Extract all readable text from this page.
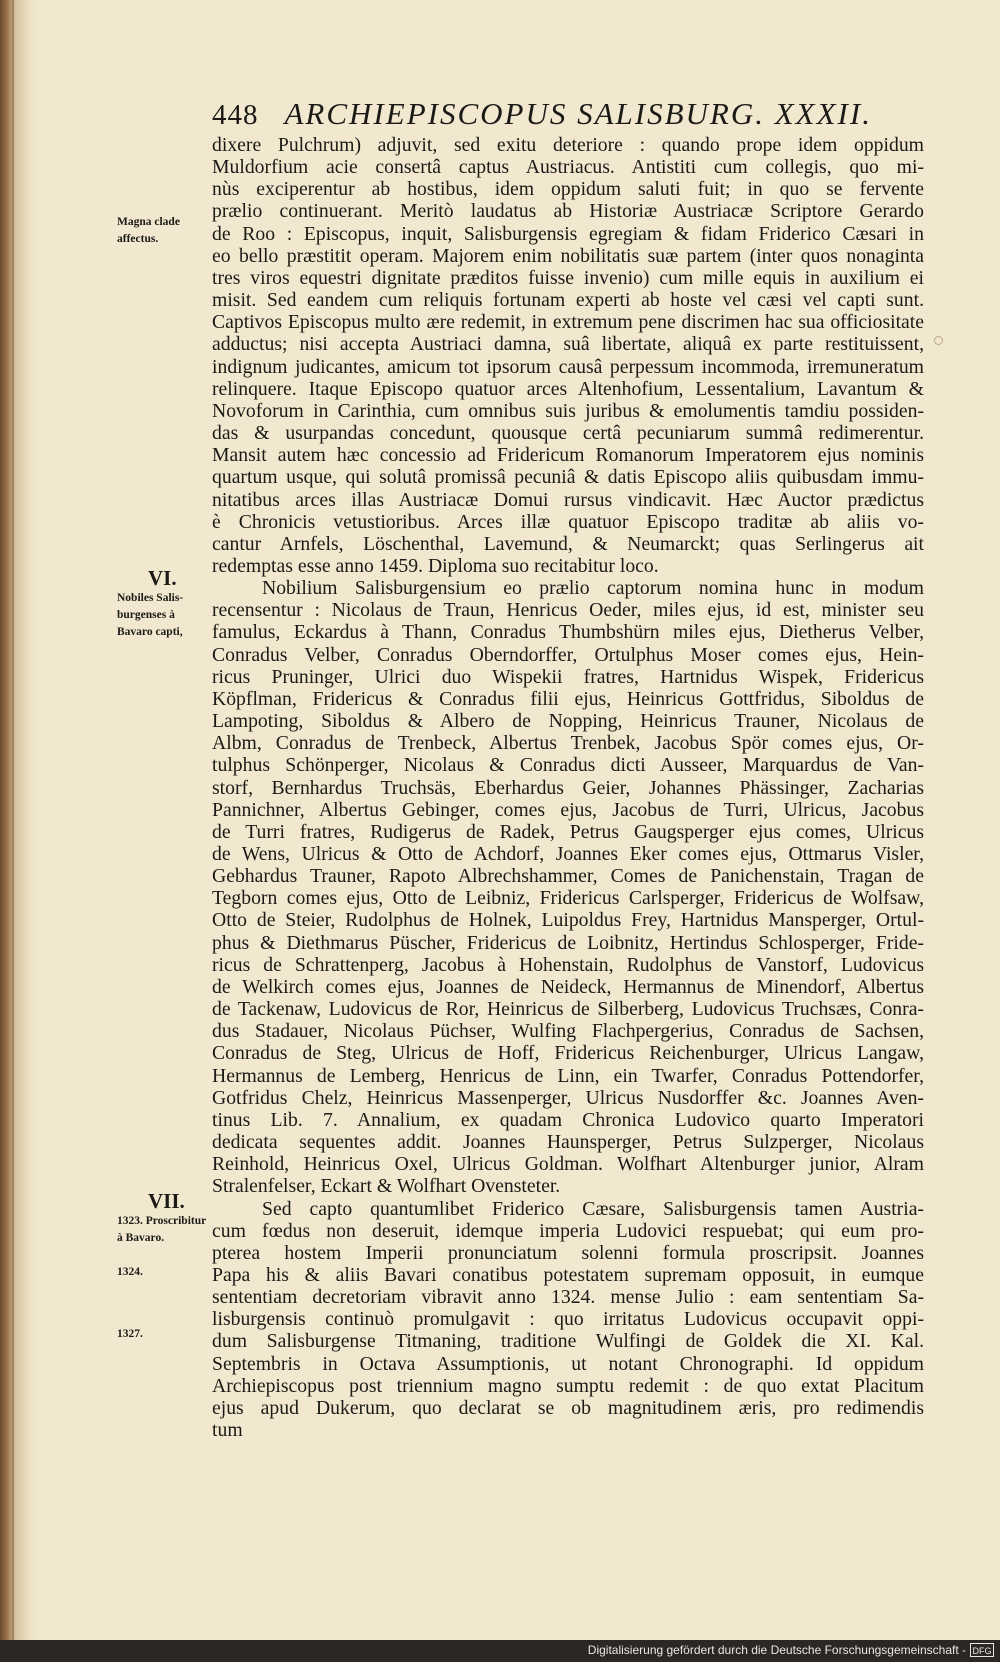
448 ARCHIEPISCOPUS SALISBURG. XXXII.
dixere Pulchrum) adjuvit, sed exitu deteriore : quando prope idem oppidum
Muldorfium acie consertâ captus Austriacus. Antistiti cum collegis, quo mi-
nùs exciperentur ab hostibus, idem oppidum saluti fuit; in quo se fervente
prælio continuerant. Meritò laudatus ab Historiæ Austriacæ Scriptore Gerardo
de Roo : Episcopus, inquit, Salisburgensis egregiam & fidam Friderico Cæsari in
eo bello præstitit operam. Majorem enim nobilitatis suæ partem (inter quos nonaginta
tres viros equestri dignitate præditos fuisse invenio) cum mille equis in auxilium ei
misit. Sed eandem cum reliquis fortunam experti ab hoste vel cæsi vel capti sunt.
Captivos Episcopus multo ære redemit, in extremum pene discrimen hac sua officiositate
adductus; nisi accepta Austriaci damna, suâ libertate, aliquâ ex parte restituissent,
indignum judicantes, amicum tot ipsorum causâ perpessum incommoda, irremuneratum
relinquere. Itaque Episcopo quatuor arces Altenhofium, Lessentalium, Lavantum &
Novoforum in Carinthia, cum omnibus suis juribus & emolumentis tamdiu possiden-
das & usurpandas concedunt, quousque certâ pecuniarum summâ redimerentur.
Mansit autem hæc concessio ad Fridericum Romanorum Imperatorem ejus nominis
quartum usque, qui solutâ promissâ pecuniâ & datis Episcopo aliis quibusdam immu-
nitatibus arces illas Austriacæ Domui rursus vindicavit. Hæc Auctor prædictus
è Chronicis vetustioribus. Arces illæ quatuor Episcopo traditæ ab aliis vo-
cantur Arnfels, Löschenthal, Lavemund, & Neumarckt; quas Serlingerus ait
redemptas esse anno 1459. Diploma suo recitabitur loco.
Nobilium Salisburgensium eo prælio captorum nomina hunc in modum
recensentur : Nicolaus de Traun, Henricus Oeder, miles ejus, id est, minister seu
famulus, Eckardus à Thann, Conradus Thumbshürn miles ejus, Dietherus Velber,
Conradus Velber, Conradus Oberndorffer, Ortulphus Moser comes ejus, Hein-
ricus Pruninger, Ulrici duo Wispekii fratres, Hartnidus Wispek, Fridericus
Köpflman, Fridericus & Conradus filii ejus, Heinricus Gottfridus, Siboldus de
Lampoting, Siboldus & Albero de Nopping, Heinricus Trauner, Nicolaus de
Albm, Conradus de Trenbeck, Albertus Trenbek, Jacobus Spör comes ejus, Or-
tulphus Schönperger, Nicolaus & Conradus dicti Ausseer, Marquardus de Van-
storf, Bernhardus Truchsäs, Eberhardus Geier, Johannes Phässinger, Zacharias
Pannichner, Albertus Gebinger, comes ejus, Jacobus de Turri, Ulricus, Jacobus
de Turri fratres, Rudigerus de Radek, Petrus Gaugsperger ejus comes, Ulricus
de Wens, Ulricus & Otto de Achdorf, Joannes Eker comes ejus, Ottmarus Visler,
Gebhardus Trauner, Rapoto Albrechshammer, Comes de Panichenstain, Tragan de
Tegborn comes ejus, Otto de Leibniz, Fridericus Carlsperger, Fridericus de Wolfsaw,
Otto de Steier, Rudolphus de Holnek, Luipoldus Frey, Hartnidus Mansperger, Ortul-
phus & Diethmarus Püscher, Fridericus de Loibnitz, Hertindus Schlosperger, Fride-
ricus de Schrattenperg, Jacobus à Hohenstain, Rudolphus de Vanstorf, Ludovicus
de Welkirch comes ejus, Joannes de Neideck, Hermannus de Minendorf, Albertus
de Tackenaw, Ludovicus de Ror, Heinricus de Silberberg, Ludovicus Truchsæs, Conra-
dus Stadauer, Nicolaus Püchser, Wulfing Flachpergerius, Conradus de Sachsen,
Conradus de Steg, Ulricus de Hoff, Fridericus Reichenburger, Ulricus Langaw,
Hermannus de Lemberg, Henricus de Linn, ein Twarfer, Conradus Pottendorfer,
Gotfridus Chelz, Heinricus Massenperger, Ulricus Nusdorffer &c. Joannes Aven-
tinus Lib. 7. Annalium, ex quadam Chronica Ludovico quarto Imperatori
dedicata sequentes addit. Joannes Haunsperger, Petrus Sulzperger, Nicolaus
Reinhold, Heinricus Oxel, Ulricus Goldman. Wolfhart Altenburger junior, Alram
Stralenfelser, Eckart & Wolfhart Ovensteter.
Sed capto quantumlibet Friderico Cæsare, Salisburgensis tamen Austria-
cum fœdus non deseruit, idemque imperia Ludovici respuebat; qui eum pro-
pterea hostem Imperii pronunciatum solenni formula proscripsit. Joannes
Papa his & aliis Bavari conatibus potestatem supremam opposuit, in eumque
sententiam decretoriam vibravit anno 1324. mense Julio : eam sententiam Sa-
lisburgensis continuò promulgavit : quo irritatus Ludovicus occupavit oppi-
dum Salisburgense Titmaning, traditione Wulfingi de Goldek die XI. Kal.
Septembris in Octava Assumptionis, ut notant Chronographi. Id oppidum
Archiepiscopus post triennium magno sumptu redemit : de quo extat Placitum
ejus apud Dukerum, quo declarat se ob magnitudinem æris, pro redimendis
tum
Magna clade affectus.
VI.
Nobiles Salis-burgenses à Bavaro capti,
VII.
1323. Proscribitur à Bavaro.
1324.
1327.
Digitalisierung gefördert durch die Deutsche Forschungsgemeinschaft - DFG
